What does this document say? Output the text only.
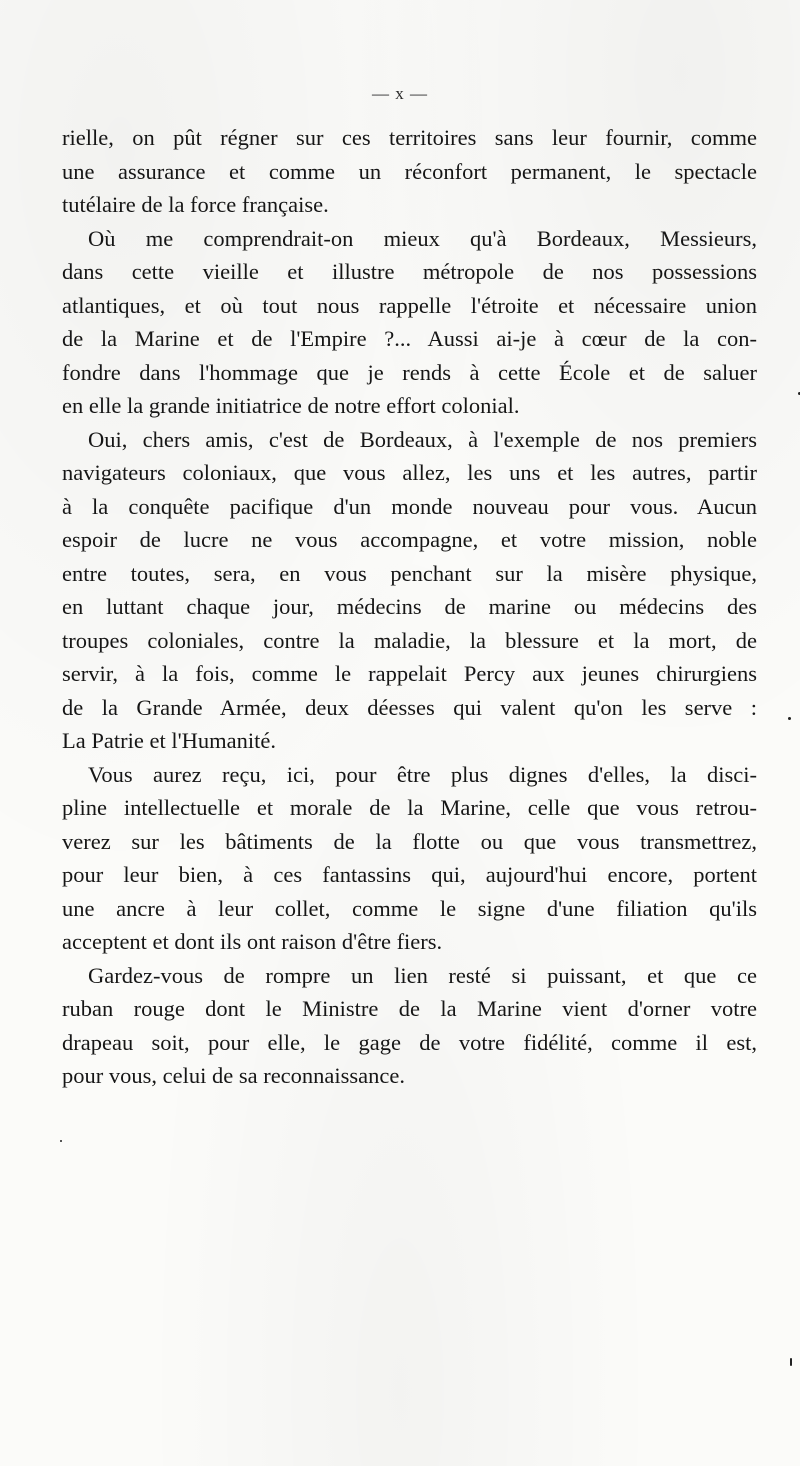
— x —
rielle, on pût régner sur ces territoires sans leur fournir, comme
une assurance et comme un réconfort permanent, le spectacle
tutélaire de la force française.
Où me comprendrait-on mieux qu'à Bordeaux, Messieurs,
dans cette vieille et illustre métropole de nos possessions
atlantiques, et où tout nous rappelle l'étroite et nécessaire union
de la Marine et de l'Empire ?... Aussi ai-je à cœur de la con-
fondre dans l'hommage que je rends à cette École et de saluer
en elle la grande initiatrice de notre effort colonial.
Oui, chers amis, c'est de Bordeaux, à l'exemple de nos premiers
navigateurs coloniaux, que vous allez, les uns et les autres, partir
à la conquête pacifique d'un monde nouveau pour vous. Aucun
espoir de lucre ne vous accompagne, et votre mission, noble
entre toutes, sera, en vous penchant sur la misère physique,
en luttant chaque jour, médecins de marine ou médecins des
troupes coloniales, contre la maladie, la blessure et la mort, de
servir, à la fois, comme le rappelait Percy aux jeunes chirurgiens
de la Grande Armée, deux déesses qui valent qu'on les serve :
La Patrie et l'Humanité.
Vous aurez reçu, ici, pour être plus dignes d'elles, la disci-
pline intellectuelle et morale de la Marine, celle que vous retrou-
verez sur les bâtiments de la flotte ou que vous transmettrez,
pour leur bien, à ces fantassins qui, aujourd'hui encore, portent
une ancre à leur collet, comme le signe d'une filiation qu'ils
acceptent et dont ils ont raison d'être fiers.
Gardez-vous de rompre un lien resté si puissant, et que ce
ruban rouge dont le Ministre de la Marine vient d'orner votre
drapeau soit, pour elle, le gage de votre fidélité, comme il est,
pour vous, celui de sa reconnaissance.
